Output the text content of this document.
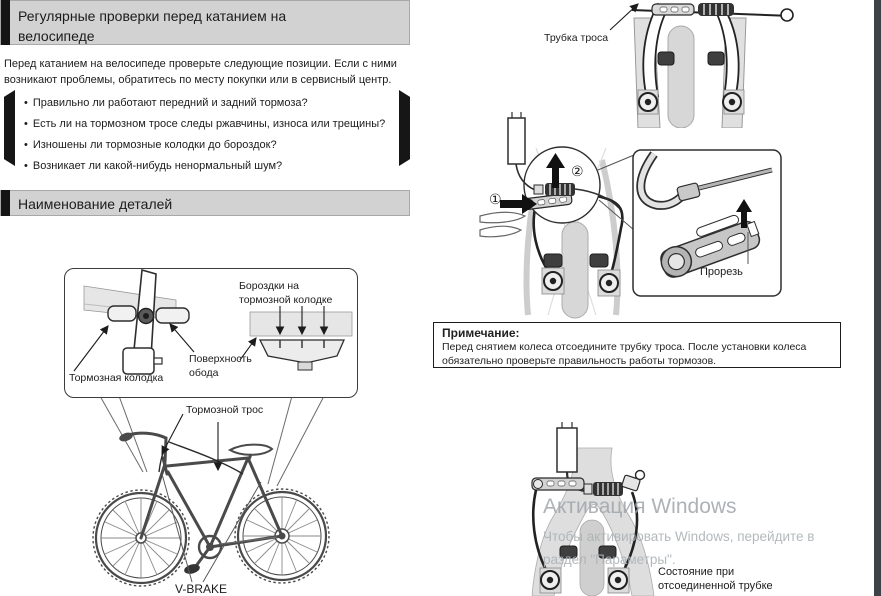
Регулярные проверки перед катанием на велосипеде
Перед катанием на велосипеде проверьте следующие позиции. Если с ними возникают проблемы, обратитесь по месту покупки или в сервисный центр.
• Правильно ли работают передний и задний тормоза?
• Есть ли на тормозном тросе следы ржавчины, износа или трещины?
• Изношены ли тормозные колодки до бороздок?
• Возникает ли какой-нибудь ненормальный шум?
Наименование деталей
Бороздки на тормозной колодке
Поверхность обода
Тормозная колодка
Тормозной трос
V-BRAKE
Трубка троса
①
②
Прорезь
Примечание:
Перед снятием колеса отсоедините трубку троса. После установки колеса обязательно проверьте правильность работы тормозов.
Состояние при отсоединенной трубке
Активация Windows
Чтобы активировать Windows, перейдите в
раздел "Параметры".
